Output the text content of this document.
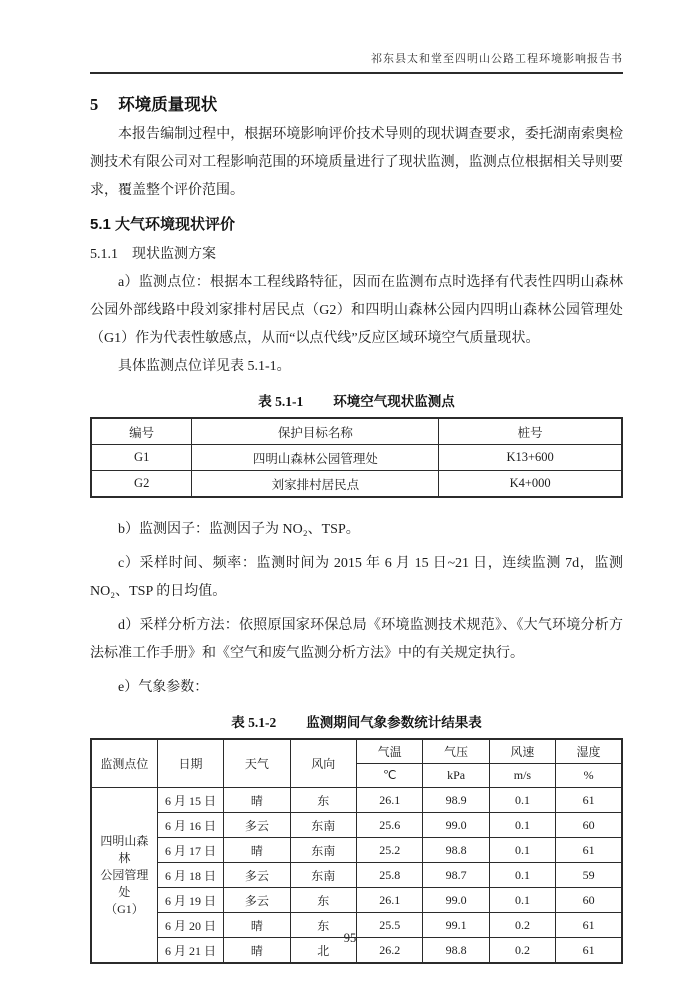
祁东县太和堂至四明山公路工程环境影响报告书
5 环境质量现状

本报告编制过程中，根据环境影响评价技术导则的现状调查要求，委托湖南索奥检测技术有限公司对工程影响范围的环境质量进行了现状监测，监测点位根据相关导则要求，覆盖整个评价范围。

5.1 大气环境现状评价
5.1.1 现状监测方案

a）监测点位：根据本工程线路特征，因而在监测布点时选择有代表性四明山森林公园外部线路中段刘家排村居民点（G2）和四明山森林公园内四明山森林公园管理处（G1）作为代表性敏感点，从而“以点代线”反应区域环境空气质量现状。

具体监测点位详见表 5.1-1。

表 5.1-1 环境空气现状监测点
编号	保护目标名称	桩号
G1	四明山森林公园管理处	K13+600
G2	刘家排村居民点	K4+000

b）监测因子：监测因子为 NO₂、TSP。

c）采样时间、频率：监测时间为 2015 年 6 月 15 日~21 日，连续监测 7d，监测 NO₂、TSP 的日均值。

d）采样分析方法：依照原国家环保总局《环境监测技术规范》、《大气环境分析方法标准工作手册》和《空气和废气监测分析方法》中的有关规定执行。

e）气象参数：

表 5.1-2 监测期间气象参数统计结果表
监测点位	日期	天气	风向	气温	气压	风速	湿度
				℃	kPa	m/s	%

四明山森林
公园管理处
（G1）	6 月 15 日	晴	东	26.1	98.9	0.1	61
	6 月 16 日	多云	东南	25.6	99.0	0.1	60
	6 月 17 日	晴	东南	25.2	98.8	0.1	61
	6 月 18 日	多云	东南	25.8	98.7	0.1	59
	6 月 19 日	多云	东	26.1	99.0	0.1	60
	6 月 20 日	晴	东	25.5	99.1	0.2	61
	6 月 21 日	晴	北	26.2	98.8	0.2	61
95
